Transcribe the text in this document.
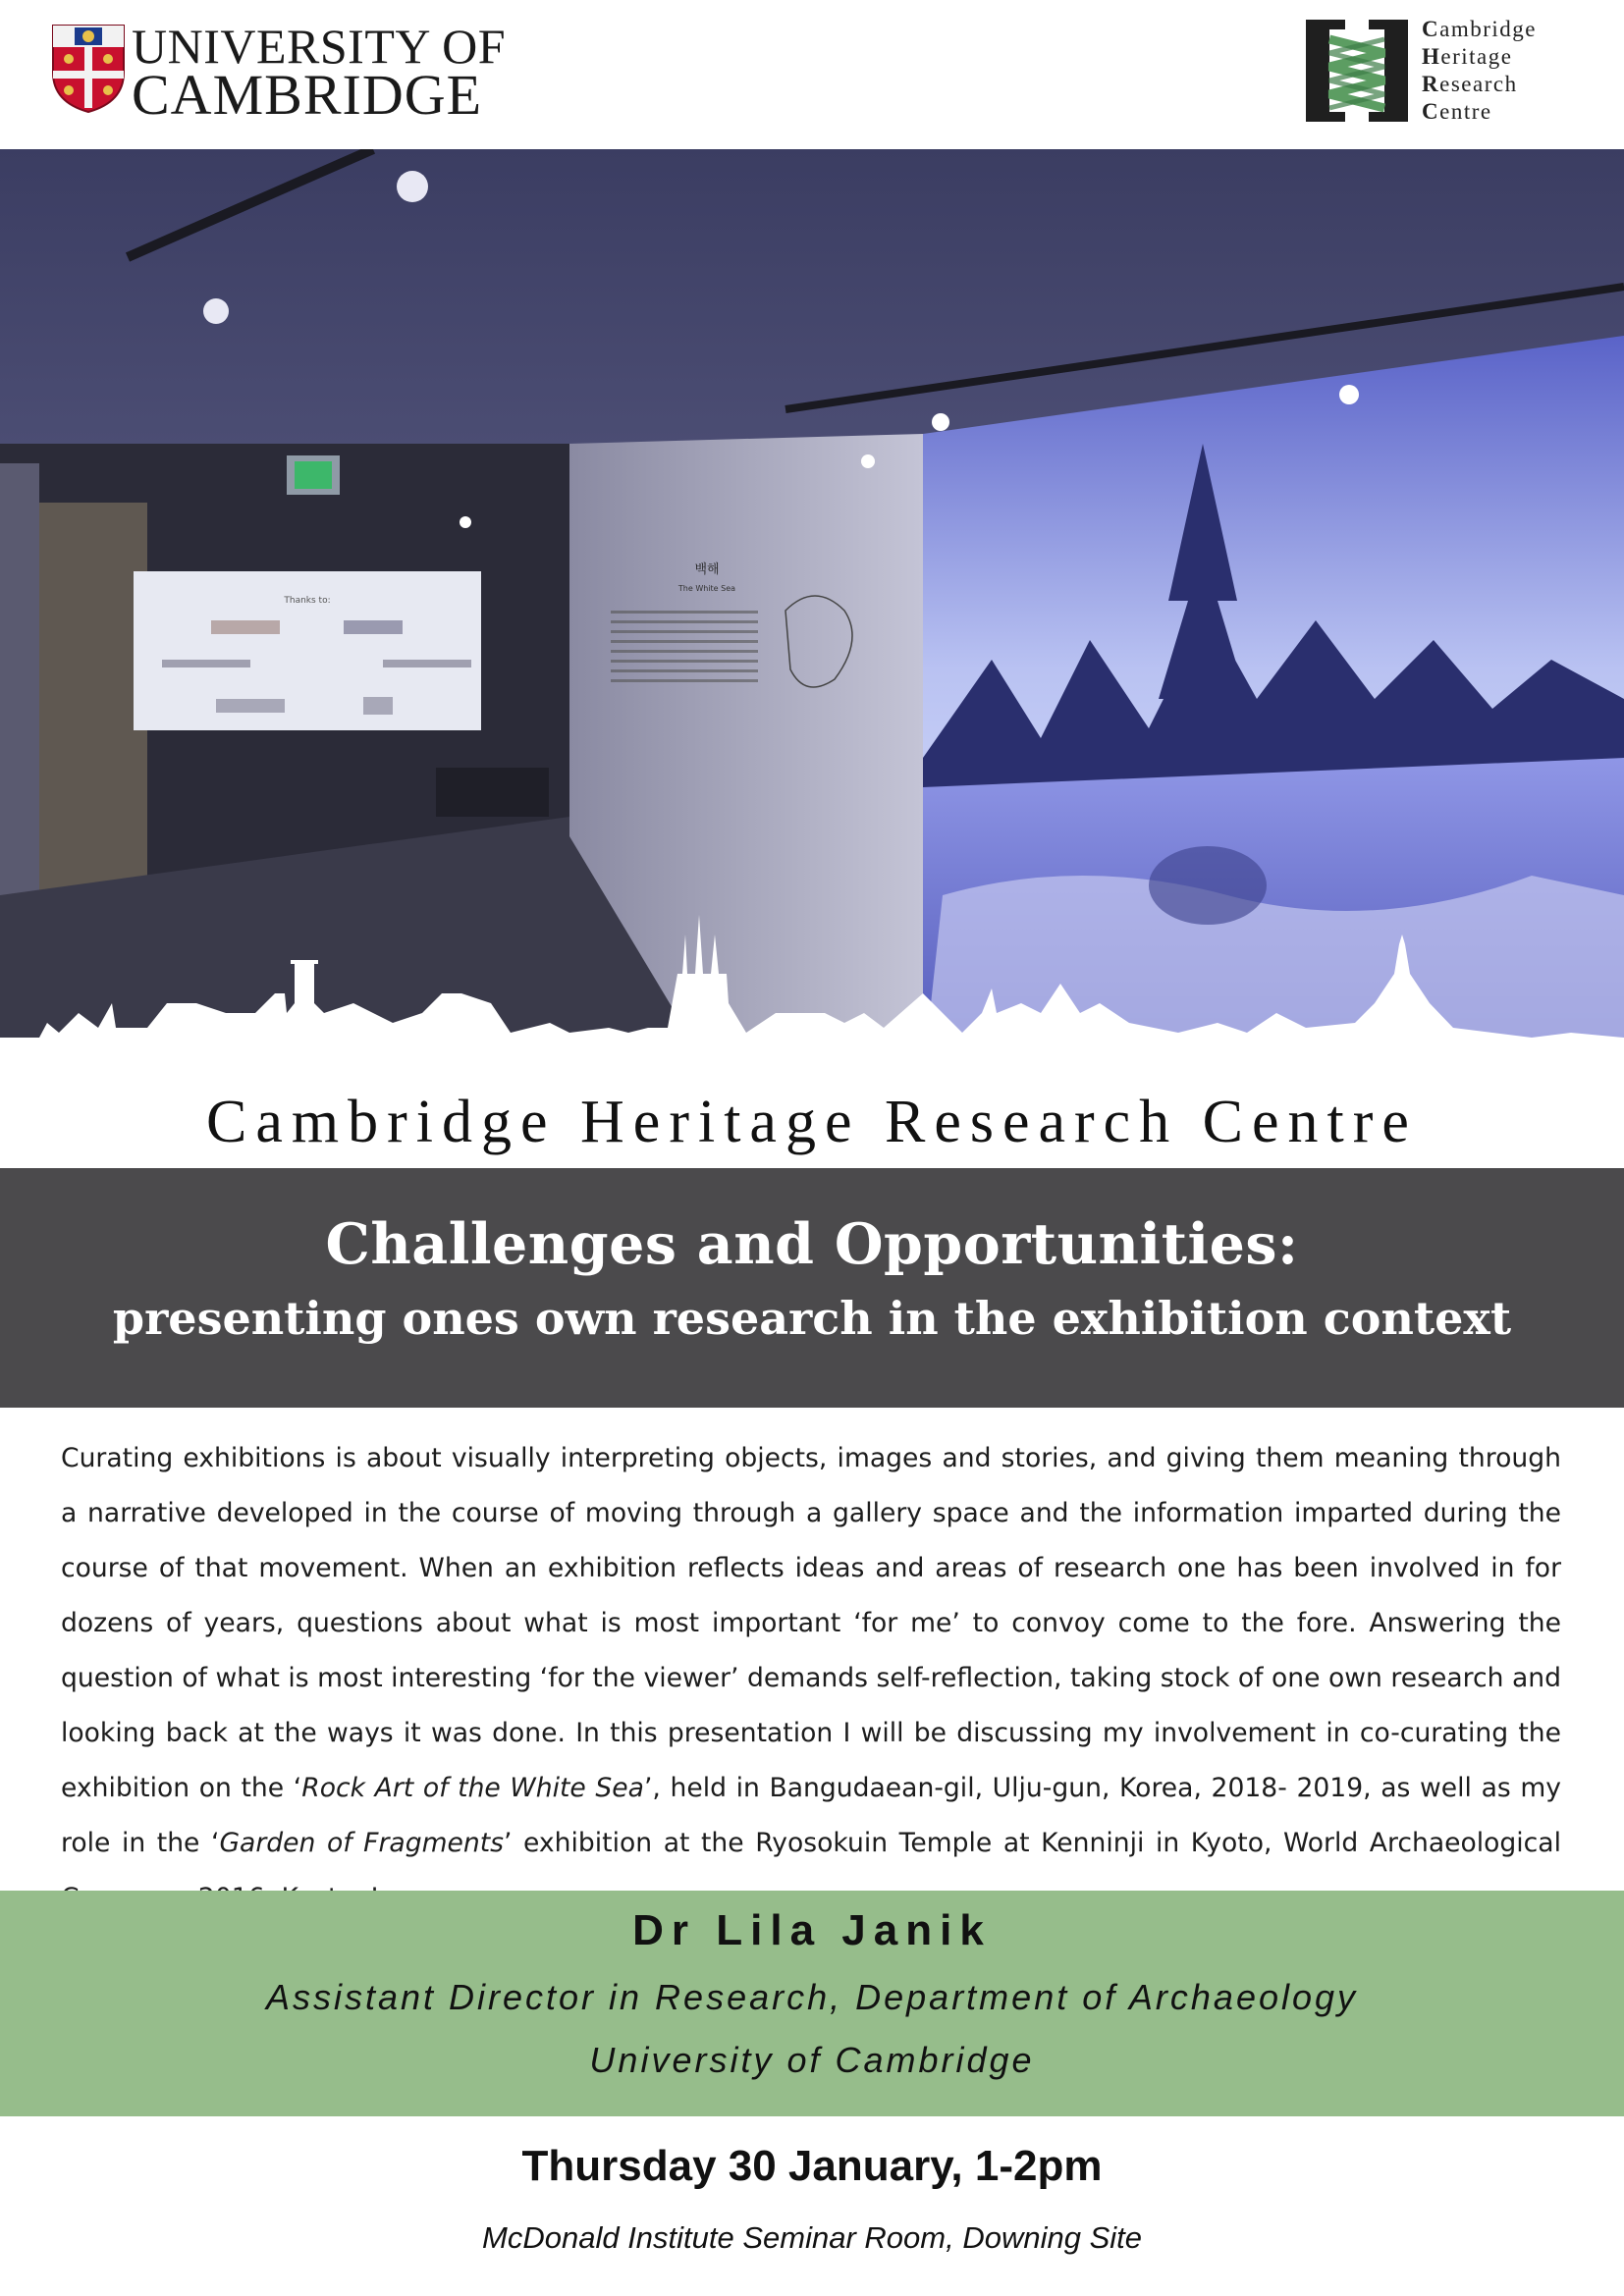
UNIVERSITY OF
CAMBRIDGE
Cambridge
Heritage
Research
Centre
Thanks to:
백해
The White Sea
Cambridge Heritage Research Centre
Challenges and Opportunities:
presenting ones own research in the exhibition context
Curating exhibitions is about visually interpreting objects, images and stories, and giving them meaning through a narrative developed in the course of moving through a gallery space and the information imparted during the course of that movement. When an exhibition reflects ideas and areas of research one has been involved in for dozens of years, questions about what is most important ‘for me’ to convoy come to the fore. Answering the question of what is most interesting ‘for the viewer’ demands self-reflection, taking stock of one own research and looking back at the ways it was done. In this presentation I will be discussing my involvement in co-curating the exhibition on the ‘Rock Art of the White Sea’, held in Bangudaean-gil, Ulju-gun, Korea, 2018- 2019, as well as my role in the ‘Garden of Fragments’ exhibition at the Ryosokuin Temple at Kenninji in Kyoto, World Archaeological
Dr Lila Janik
Assistant Director in Research, Department of Archaeology
University of Cambridge
Thursday 30 January, 1-2pm
McDonald Institute Seminar Room, Downing Site
